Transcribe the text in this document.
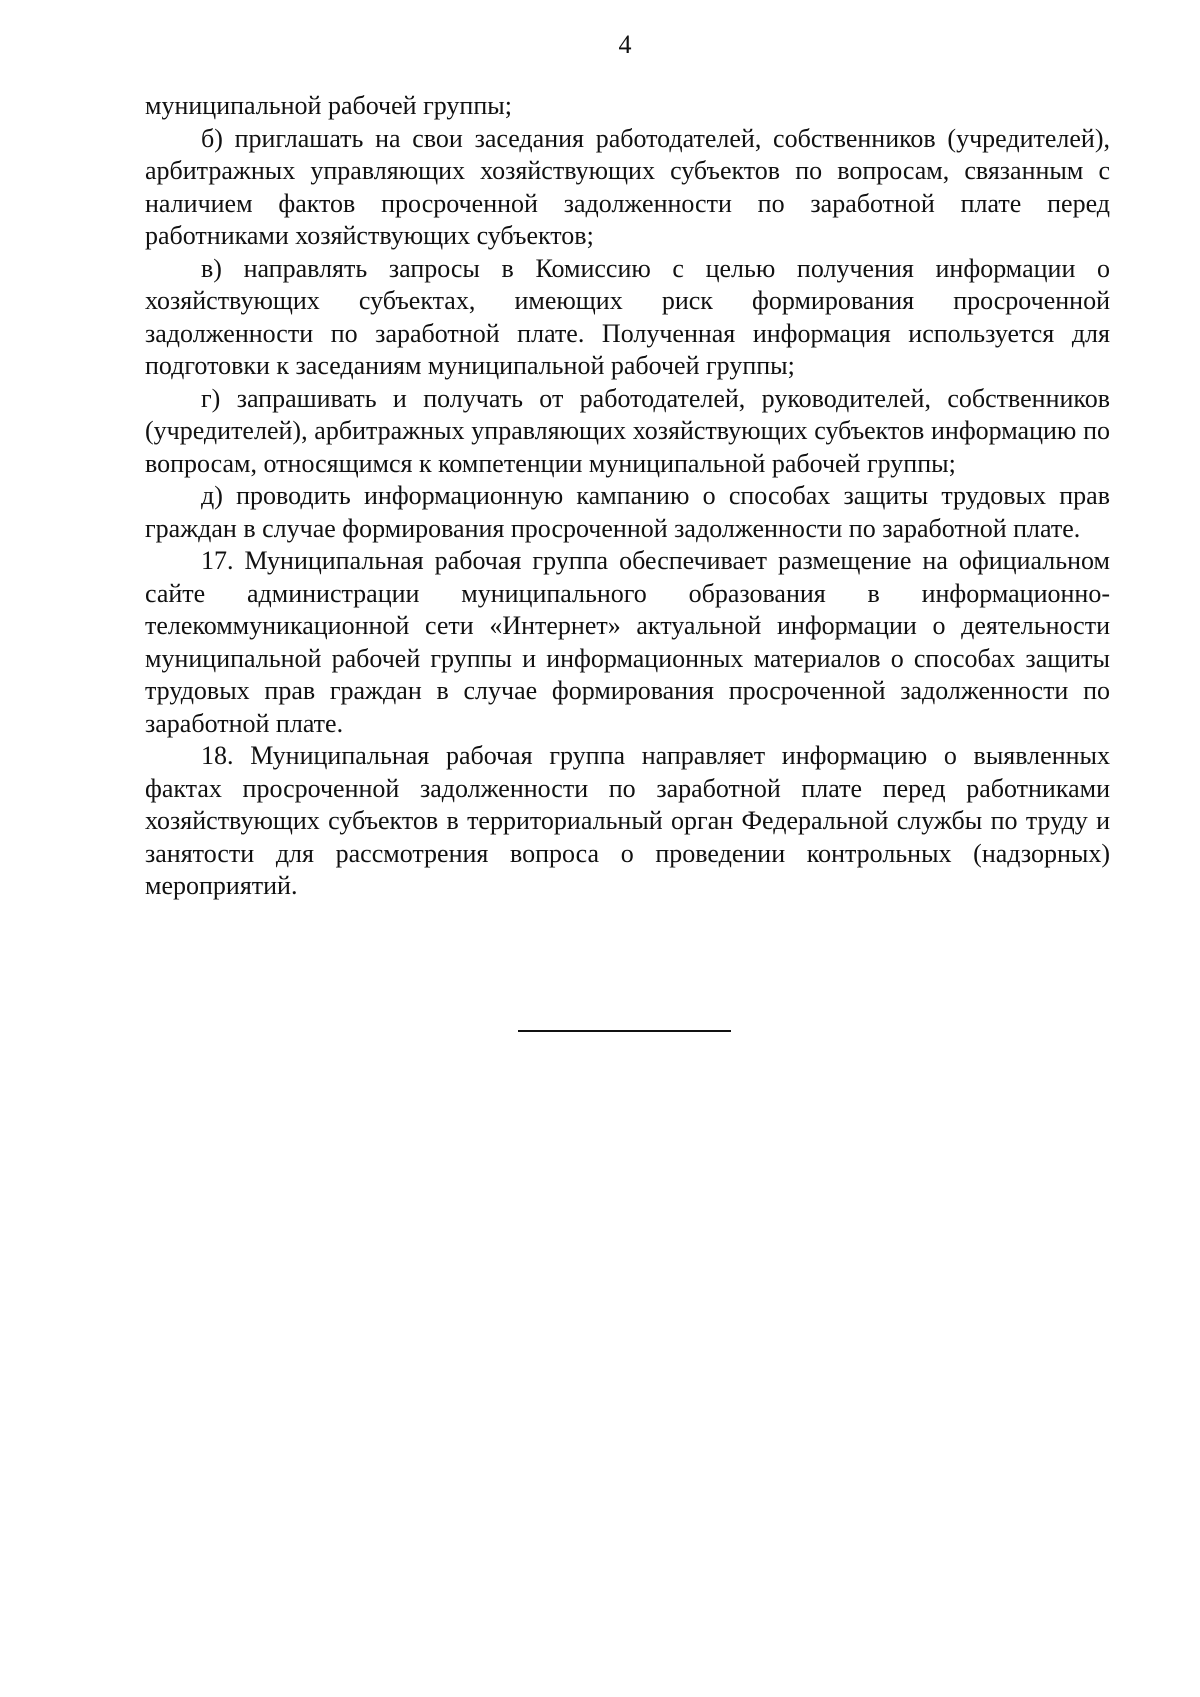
4

муниципальной рабочей группы;

б) приглашать на свои заседания работодателей, собственников (учредителей), арбитражных управляющих хозяйствующих субъектов по вопросам, связанным с наличием фактов просроченной задолженности по заработной плате перед работниками хозяйствующих субъектов;

в) направлять запросы в Комиссию с целью получения информации о хозяйствующих субъектах, имеющих риск формирования просроченной задолженности по заработной плате. Полученная информация используется для подготовки к заседаниям муниципальной рабочей группы;

г) запрашивать и получать от работодателей, руководителей, собственников (учредителей), арбитражных управляющих хозяйствующих субъектов информацию по вопросам, относящимся к компетенции муниципальной рабочей группы;

д) проводить информационную кампанию о способах защиты трудовых прав граждан в случае формирования просроченной задолженности по заработной плате.

17. Муниципальная рабочая группа обеспечивает размещение на официальном сайте администрации муниципального образования в информационно-телекоммуникационной сети «Интернет» актуальной информации о деятельности муниципальной рабочей группы и информационных материалов о способах защиты трудовых прав граждан в случае формирования просроченной задолженности по заработной плате.

18. Муниципальная рабочая группа направляет информацию о выявленных фактах просроченной задолженности по заработной плате перед работниками хозяйствующих субъектов в территориальный орган Федеральной службы по труду и занятости для рассмотрения вопроса о проведении контрольных (надзорных) мероприятий.
